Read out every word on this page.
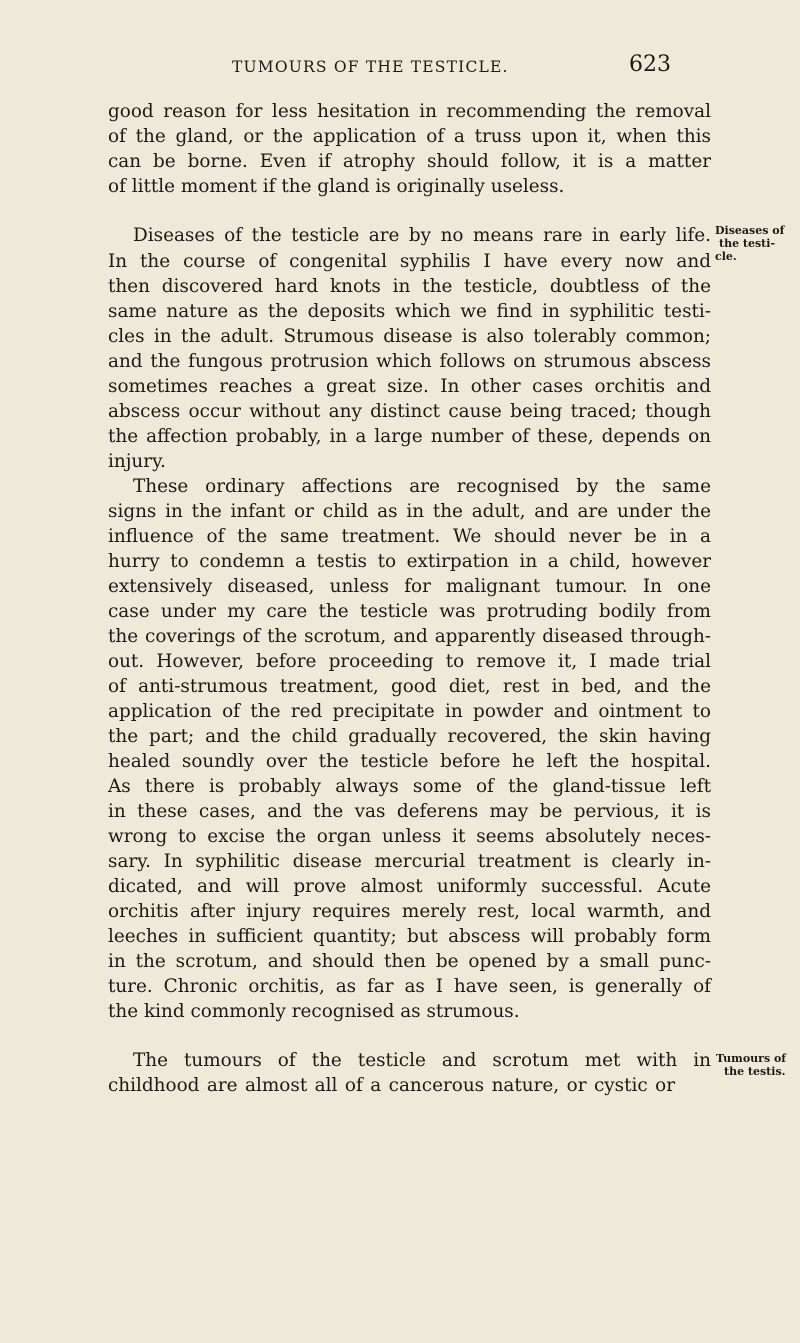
TUMOURS OF THE TESTICLE.	623
good reason for less hesitation in recommending the removal
of the gland, or the application of a truss upon it, when this
can be borne. Even if atrophy should follow, it is a matter
of little moment if the gland is originally useless.
Diseases of the testicle are by no means rare in early life.
In the course of congenital syphilis I have every now and
then discovered hard knots in the testicle, doubtless of the
same nature as the deposits which we find in syphilitic testi-
cles in the adult. Strumous disease is also tolerably common;
and the fungous protrusion which follows on strumous abscess
sometimes reaches a great size. In other cases orchitis and
abscess occur without any distinct cause being traced; though
the affection probably, in a large number of these, depends on
injury.
These ordinary affections are recognised by the same
signs in the infant or child as in the adult, and are under the
influence of the same treatment. We should never be in a
hurry to condemn a testis to extirpation in a child, however
extensively diseased, unless for malignant tumour. In one
case under my care the testicle was protruding bodily from
the coverings of the scrotum, and apparently diseased through-
out. However, before proceeding to remove it, I made trial
of anti-strumous treatment, good diet, rest in bed, and the
application of the red precipitate in powder and ointment to
the part; and the child gradually recovered, the skin having
healed soundly over the testicle before he left the hospital.
As there is probably always some of the gland-tissue left
in these cases, and the vas deferens may be pervious, it is
wrong to excise the organ unless it seems absolutely neces-
sary. In syphilitic disease mercurial treatment is clearly in-
dicated, and will prove almost uniformly successful. Acute
orchitis after injury requires merely rest, local warmth, and
leeches in sufficient quantity; but abscess will probably form
in the scrotum, and should then be opened by a small punc-
ture. Chronic orchitis, as far as I have seen, is generally of
the kind commonly recognised as strumous.
The tumours of the testicle and scrotum met with in
childhood are almost all of a cancerous nature, or cystic or
Diseases of
the testi-
cle.
Tumours of
the testis.
